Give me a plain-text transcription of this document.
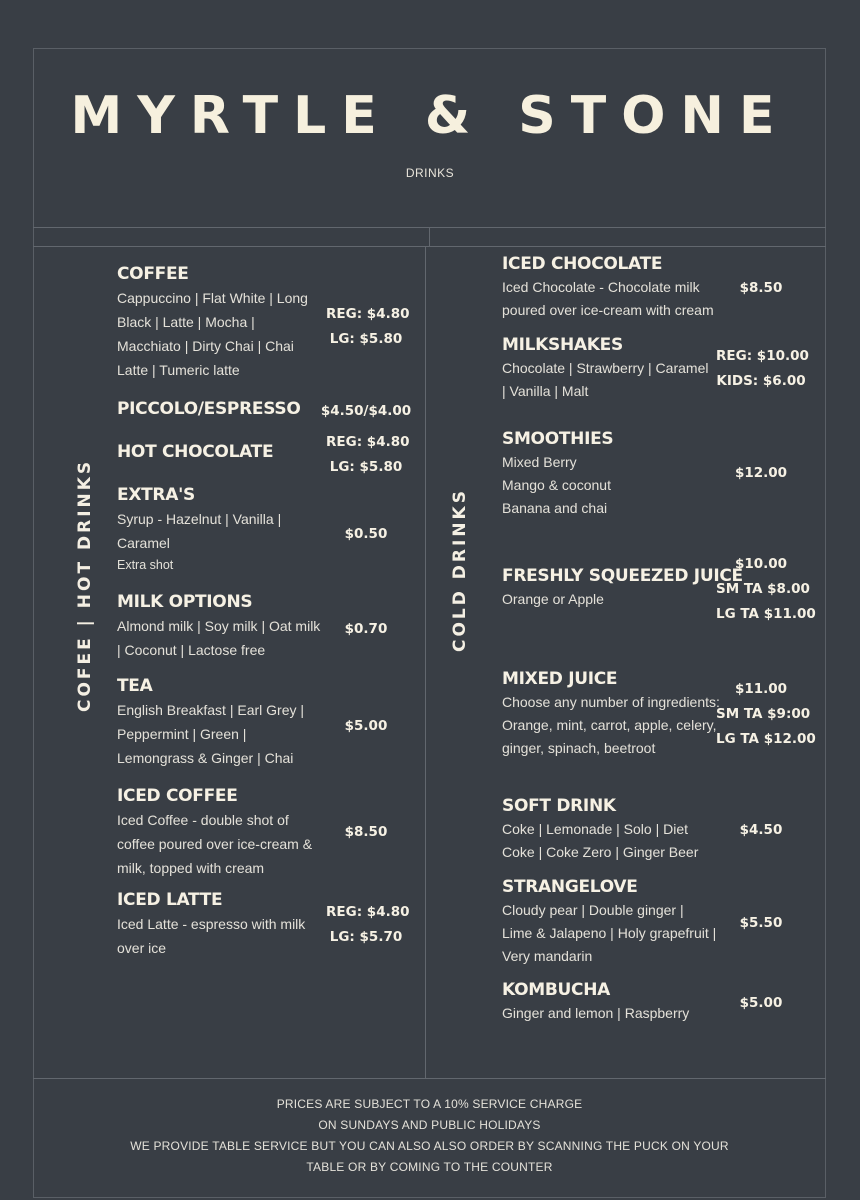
MYRTLE & STONE
DRINKS
COFEE | HOT DRINKS	COLD DRINKS
COFFEE
Cappuccino | Flat White | Long Black | Latte | Mocha | Macchiato | Dirty Chai | Chai Latte | Tumeric latte
REG: $4.80
LG: $5.80
PICCOLO/ESPRESSO $4.50/$4.00
HOT CHOCOLATE	REG: $4.80
LG: $5.80
EXTRA'S
Syrup - Hazelnut | Vanilla | Caramel
Extra shot
$0.50
MILK OPTIONS
Almond milk | Soy milk | Oat milk | Coconut | Lactose free
$0.70
TEA
English Breakfast | Earl Grey | Peppermint | Green | Lemongrass & Ginger | Chai
$5.00
ICED COFFEE
Iced Coffee - double shot of coffee poured over ice-cream & milk, topped with cream
$8.50
ICED LATTE
Iced Latte - espresso with milk over ice
REG: $4.80
LG: $5.70
ICED CHOCOLATE
Iced Chocolate - Chocolate milk poured over ice-cream with cream
$8.50
MILKSHAKES
Chocolate | Strawberry | Caramel | Vanilla | Malt
REG: $10.00
KIDS: $6.00
SMOOTHIES
Mixed Berry
Mango & coconut
Banana and chai
$12.00
FRESHLY SQUEEZED JUICE
Orange or Apple
$10.00
SM TA $8.00
LG TA $11.00
MIXED JUICE
Choose any number of ingredients: Orange, mint, carrot, apple, celery, ginger, spinach, beetroot
$11.00
SM TA $9:00
LG TA $12.00
SOFT DRINK
Coke | Lemonade | Solo | Diet Coke | Coke Zero | Ginger Beer
$4.50
STRANGELOVE
Cloudy pear | Double ginger | Lime & Jalapeno | Holy grapefruit | Very mandarin
$5.50
KOMBUCHA
Ginger and lemon | Raspberry
$5.00
PRICES ARE SUBJECT TO A 10% SERVICE CHARGE
ON SUNDAYS AND PUBLIC HOLIDAYS
WE PROVIDE TABLE SERVICE BUT YOU CAN ALSO ALSO ORDER BY SCANNING THE PUCK ON YOUR
TABLE OR BY COMING TO THE COUNTER
